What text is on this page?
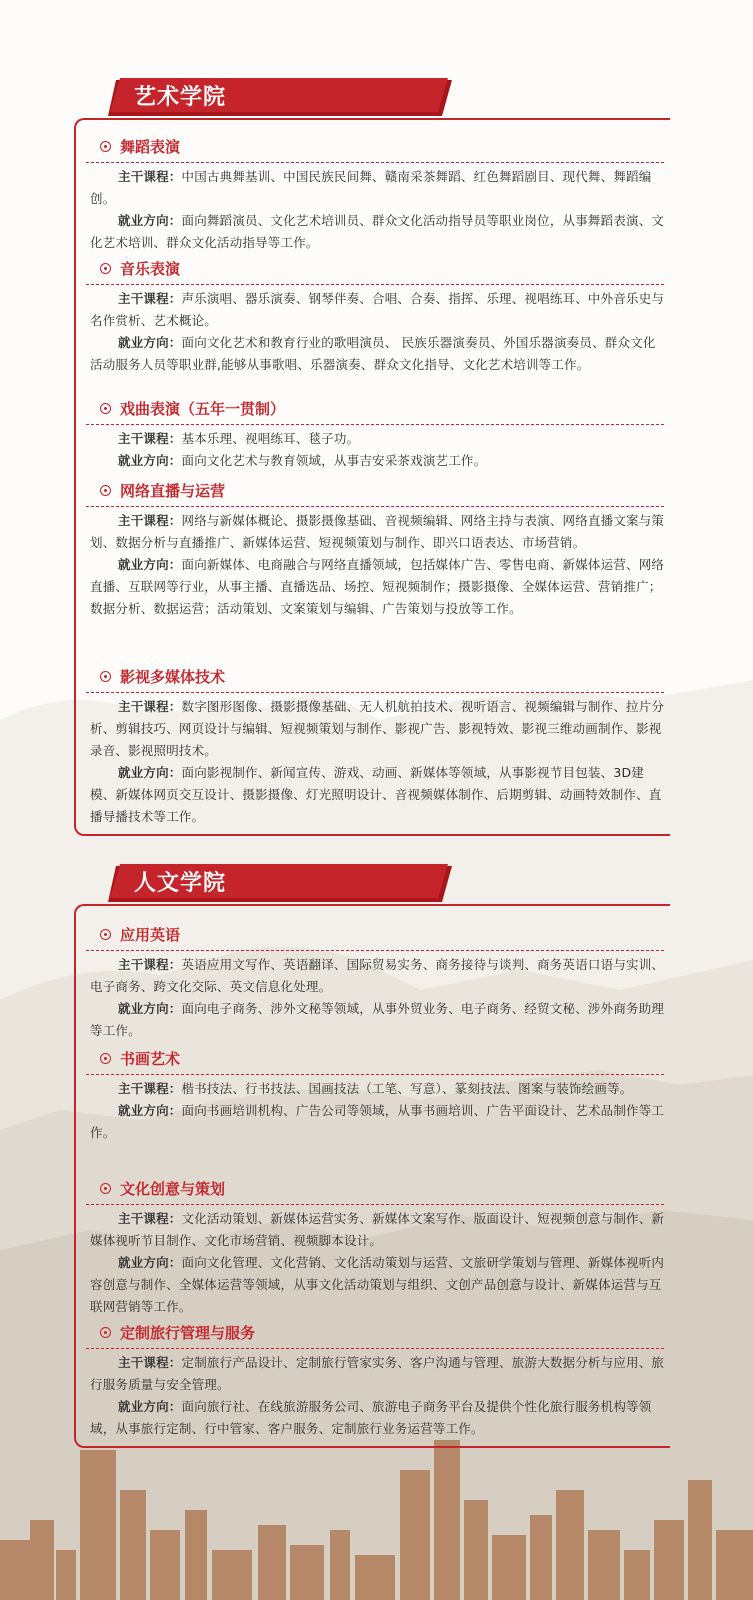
艺术学院
舞蹈表演
主干课程：中国古典舞基训、中国民族民间舞、赣南采茶舞蹈、红色舞蹈剧目、现代舞、舞蹈编创。
就业方向：面向舞蹈演员、文化艺术培训员、群众文化活动指导员等职业岗位，从事舞蹈表演、文化艺术培训、群众文化活动指导等工作。
音乐表演
主干课程：声乐演唱、器乐演奏、钢琴伴奏、合唱、合奏、指挥、乐理、视唱练耳、中外音乐史与名作赏析、艺术概论。
就业方向：面向文化艺术和教育行业的歌唱演员、 民族乐器演奏员、外国乐器演奏员、群众文化活动服务人员等职业群,能够从事歌唱、乐器演奏、群众文化指导、文化艺术培训等工作。
戏曲表演（五年一贯制）
主干课程：基本乐理、视唱练耳、毯子功。
就业方向：面向文化艺术与教育领域，从事吉安采茶戏演艺工作。
网络直播与运营
主干课程：网络与新媒体概论、摄影摄像基础、音视频编辑、网络主持与表演、网络直播文案与策划、数据分析与直播推广、新媒体运营、短视频策划与制作、即兴口语表达、市场营销。
就业方向：面向新媒体、电商融合与网络直播领域，包括媒体广告、零售电商、新媒体运营、网络直播、互联网等行业，从事主播、直播选品、场控、短视频制作；摄影摄像、全媒体运营、营销推广；数据分析、数据运营；活动策划、文案策划与编辑、广告策划与投放等工作。
影视多媒体技术
主干课程：数字图形图像、摄影摄像基础、无人机航拍技术、视听语言、视频编辑与制作、拉片分析、剪辑技巧、网页设计与编辑、短视频策划与制作、影视广告、影视特效、影视三维动画制作、影视录音、影视照明技术。
就业方向：面向影视制作、新闻宣传、游戏、动画、新媒体等领域，从事影视节目包装、3D建模、新媒体网页交互设计、摄影摄像、灯光照明设计、音视频媒体制作、后期剪辑、动画特效制作、直播导播技术等工作。
人文学院
应用英语
主干课程：英语应用文写作、英语翻译、国际贸易实务、商务接待与谈判、商务英语口语与实训、电子商务、跨文化交际、英文信息化处理。
就业方向：面向电子商务、涉外文秘等领域，从事外贸业务、电子商务、经贸文秘、涉外商务助理等工作。
书画艺术
主干课程：楷书技法、行书技法、国画技法（工笔、写意）、篆刻技法、图案与装饰绘画等。
就业方向：面向书画培训机构、广告公司等领域，从事书画培训、广告平面设计、艺术品制作等工作。
文化创意与策划
主干课程：文化活动策划、新媒体运营实务、新媒体文案写作、版面设计、短视频创意与制作、新媒体视听节目制作、文化市场营销、视频脚本设计。
就业方向：面向文化管理、文化营销、文化活动策划与运营、文旅研学策划与管理、新媒体视听内容创意与制作、全媒体运营等领域，从事文化活动策划与组织、文创产品创意与设计、新媒体运营与互联网营销等工作。
定制旅行管理与服务
主干课程：定制旅行产品设计、定制旅行管家实务、客户沟通与管理、旅游大数据分析与应用、旅行服务质量与安全管理。
就业方向：面向旅行社、在线旅游服务公司、旅游电子商务平台及提供个性化旅行服务机构等领域，从事旅行定制、行中管家、客户服务、定制旅行业务运营等工作。
